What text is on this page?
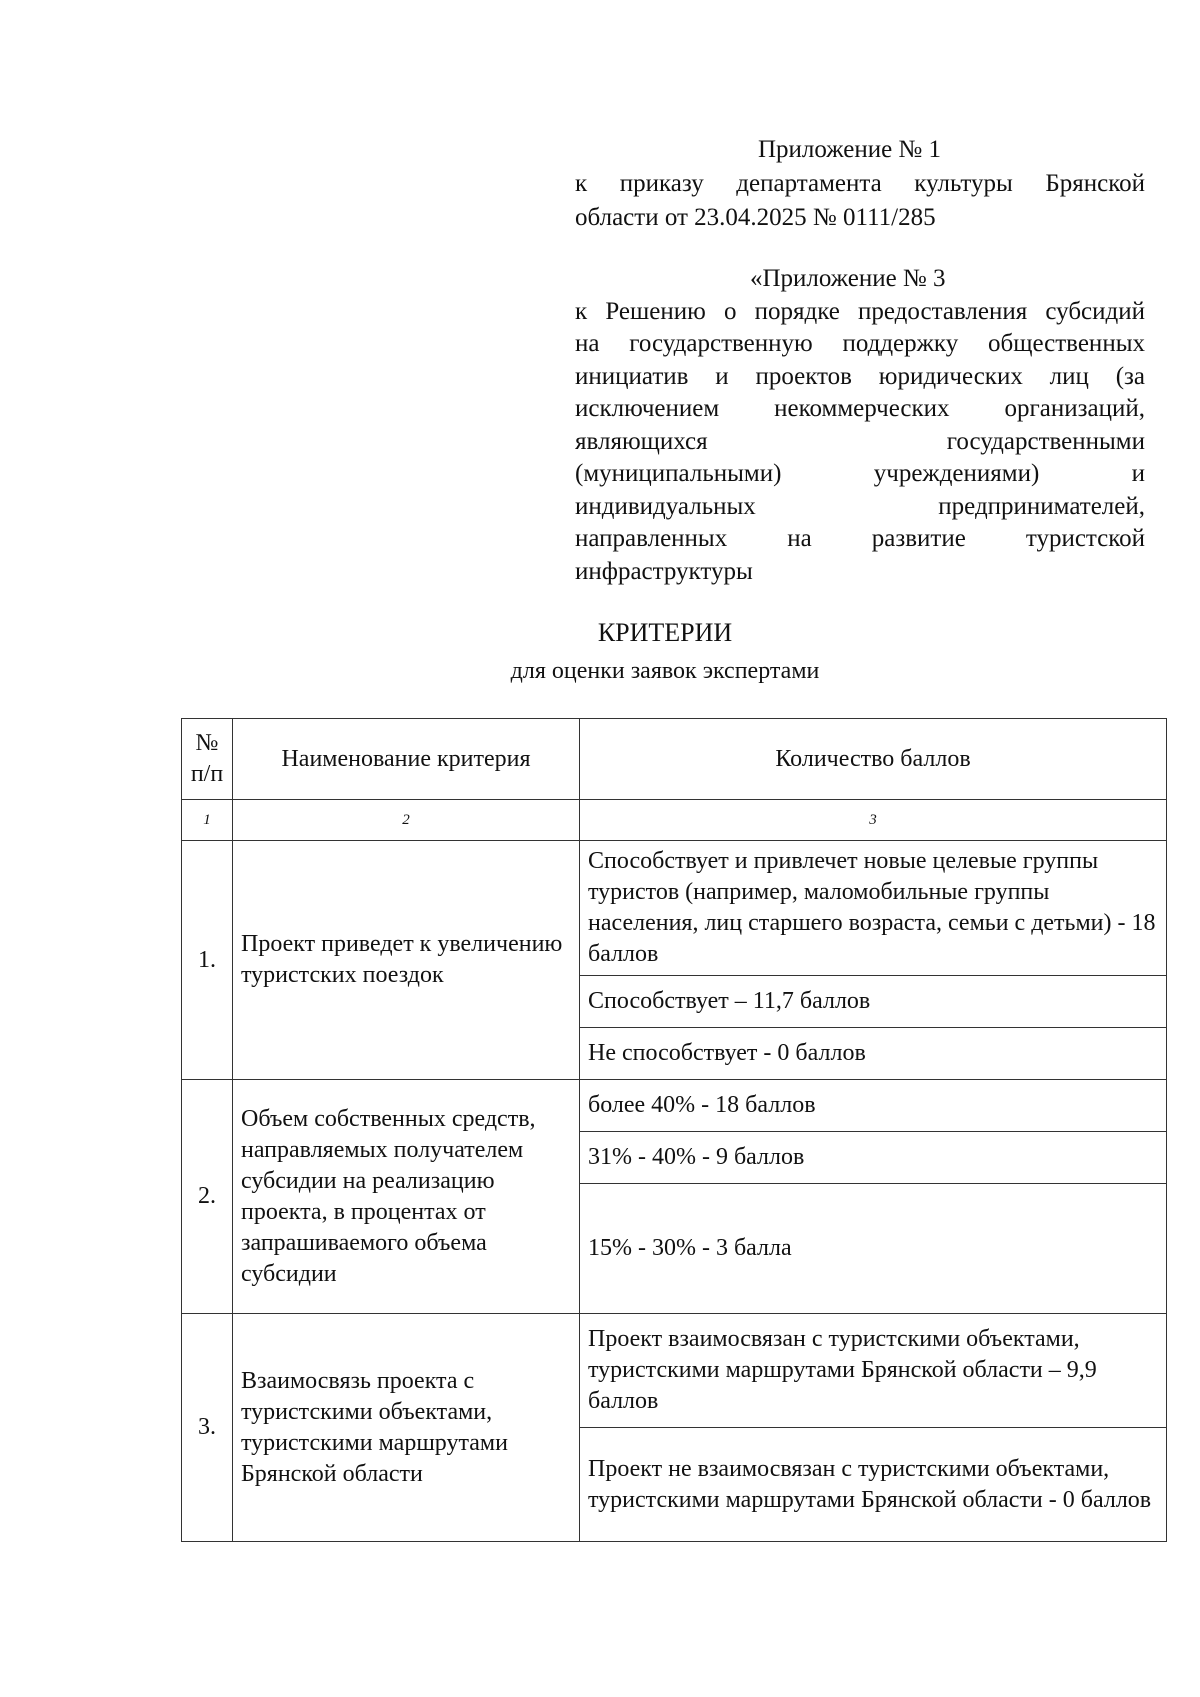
Приложение № 1
к приказу департамента культуры Брянской
области от 23.04.2025 № 0111/285
«Приложение № 3
к Решению о порядке предоставления субсидий
на государственную поддержку общественных
инициатив и проектов юридических лиц (за
исключением некоммерческих организаций,
являющихся государственными
(муниципальными) учреждениями) и
индивидуальных предпринимателей,
направленных на развитие туристской
инфраструктуры
КРИТЕРИИ
для оценки заявок экспертами
№ п/п	Наименование критерия	Количество баллов
1	2	3
1.	Проект приведет к увеличению туристских поездок	Способствует и привлечет новые целевые группы туристов (например, маломобильные группы населения, лиц старшего возраста, семьи с детьми) - 18 баллов
		Способствует – 11,7 баллов
		Не способствует - 0 баллов
2.	Объем собственных средств, направляемых получателем субсидии на реализацию проекта, в процентах от запрашиваемого объема субсидии	более 40% - 18 баллов
		31% - 40% - 9 баллов
		15% - 30% - 3 балла
3.	Взаимосвязь проекта с туристскими объектами, туристскими маршрутами Брянской области	Проект взаимосвязан с туристскими объектами, туристскими маршрутами Брянской области – 9,9 баллов
		Проект не взаимосвязан с туристскими объектами, туристскими маршрутами Брянской области - 0 баллов
